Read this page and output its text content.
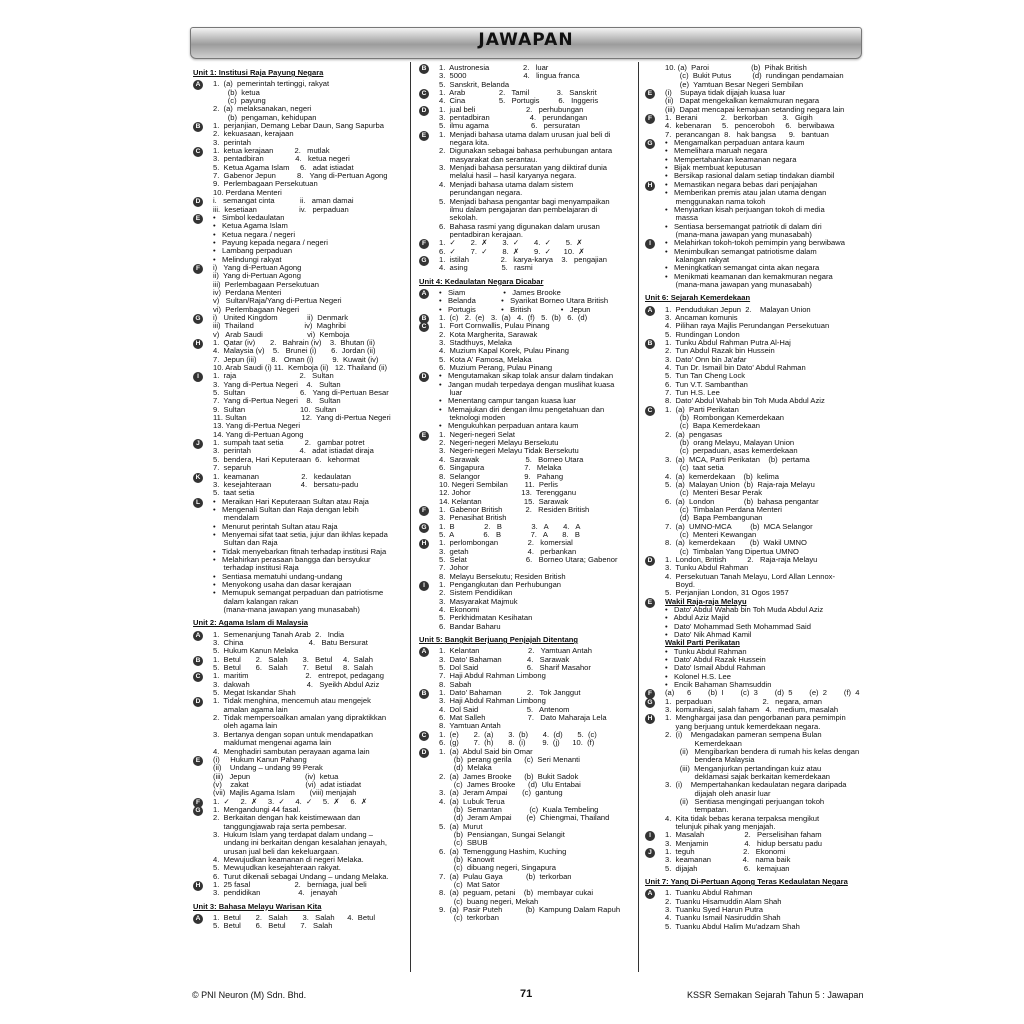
JAWAPAN
Unit 1: Institusi Raja Payung Negara
A	1.  (a)  pemerintah tertinggi, rakyat
(b)  ketua
(c)  payung
2.  (a)  melaksanakan, negeri
(b)  pengaman, kehidupan
B	1.  perjanjian, Demang Lebar Daun, Sang Sapurba
2.  kekuasaan, kerajaan
3.  perintah
C	1.  ketua kerajaan          2.   mutlak
3.  pentadbiran               4.   ketua negeri
5.  Ketua Agama Islam     6.   adat istiadat
7.  Gabenor Jepun          8.   Yang di-Pertuan Agong
9.  Perlembagaan Persekutuan
10. Perdana Menteri
D	i.   semangat cinta            ii.   aman damai
iii.  kesetiaan                    iv.   perpaduan
E	•   Simbol kedaulatan
•   Ketua Agama Islam
•   Ketua negara / negeri
•   Payung kepada negara / negeri
•   Lambang perpaduan
•   Melindungi rakyat
F	i)   Yang di-Pertuan Agong
ii)  Yang di-Pertuan Agong
iii)  Perlembagaan Persekutuan
iv)  Perdana Menteri
v)   Sultan/Raja/Yang di-Pertua Negeri
vi)  Perlembagaan Negeri
G	i)   United Kingdom              ii)  Denmark
iii)  Thailand                        iv)  Maghribi
v)   Arab Saudi                     vi)  Kemboja
H	1.  Qatar (iv)       2.   Bahrain (iv)    3.  Bhutan (ii)
4.  Malaysia (v)    5.   Brunei (i)       6.  Jordan (ii)
7.  Jepun (iii)       8.   Oman (i)         9.  Kuwait (iv)
10. Arab Saudi (i) 11.  Kemboja (ii)   12. Thailand (ii)
I	1.  raja                              2.   Sultan
3.  Yang di-Pertua Negeri    4.   Sultan
5.  Sultan                          6.   Yang di-Pertuan Besar
7.  Yang di-Pertua Negeri    8.   Sultan
9.  Sultan                          10.  Sultan
11. Sultan                          12.  Yang di-Pertua Negeri
13. Yang di-Pertua Negeri
14. Yang di-Pertuan Agong
J	1.  sumpah taat setia          2.   gambar potret
3.  perintah                       4.   adat istiadat diraja
5.  bendera, Hari Keputeraan  6.   kehormat
7.  separuh
K	1.  keamanan                    2.   kedaulatan
3.  kesejahteraan              4.   bersatu-padu
5.  taat setia
L	•   Meraikan Hari Keputeraan Sultan atau Raja
•   Mengenali Sultan dan Raja dengan lebih
mendalam
•   Menurut perintah Sultan atau Raja
•   Menyemai sifat taat setia, jujur dan ikhlas kepada
Sultan dan Raja
•   Tidak menyebarkan fitnah terhadap institusi Raja
•   Melahirkan perasaan bangga dan bersyukur
terhadap institusi Raja
•   Sentiasa mematuhi undang-undang
•   Menyokong usaha dan dasar kerajaan
•   Memupuk semangat perpaduan dan patriotisme
dalam kalangan rakan
(mana-mana jawapan yang munasabah)
Unit 2: Agama Islam di Malaysia
A	1.  Semenanjung Tanah Arab  2.   India
3.  China                               4.   Batu Bersurat
5.  Hukum Kanun Melaka
B	1.  Betul       2.   Salah       3.   Betul     4.  Salah
5.  Betul       6.   Salah       7.   Betul     8.  Salah
C	1.  maritim                           2.   entrepot, pedagang
3.  dakwah                           4.   Syeikh Abdul Aziz
5.  Megat Iskandar Shah
D	1.  Tidak menghina, mencemuh atau mengejek
amalan agama lain
2.  Tidak mempersoalkan amalan yang dipraktikkan
oleh agama lain
3.  Bertanya dengan sopan untuk mendapatkan
maklumat mengenai agama lain
4.  Menghadiri sambutan perayaan agama lain
E	(i)     Hukum Kanun Pahang
(ii)    Undang – undang 99 Perak
(iii)   Jepun                          (iv)  ketua
(v)    zakat                           (vi)  adat istiadat
(vii)  Majlis Agama Islam       (viii) menjajah
F	1.  ✓     2.  ✗     3.  ✓     4.  ✓     5.  ✗     6.  ✗
G	1.  Mengandungi 44 fasal.
2.  Berkaitan dengan hak keistimewaan dan
tanggungjawab raja serta pembesar.
3.  Hukum Islam yang terdapat dalam undang –
undang ini berkaitan dengan kesalahan jenayah,
urusan jual beli dan kekeluargaan.
4.  Mewujudkan keamanan di negeri Melaka.
5.  Mewujudkan kesejahteraan rakyat.
6.  Turut dikenali sebagai Undang – undang Melaka.
H	1.  25 fasal                     2.   berniaga, jual beli
3.  pendidikan                  4.   jenayah
Unit 3: Bahasa Melayu Warisan Kita
A	1.  Betul       2.   Salah       3.   Salah      4.  Betul
5.  Betul       6.   Betul       7.   Salah
B	1.  Austronesia                2.   luar
3.  5000                           4.   lingua franca
5.  Sanskrit, Belanda
C	1.  Arab                2.   Tamil             3.   Sanskrit
4.  Cina                5.   Portugis         6.   Inggeris
D	1.  jual beli                        2.   perhubungan
3.  pentadbiran                   4.   perundangan
5.  ilmu agama                    6.   persuratan
E	1.  Menjadi bahasa utama dalam urusan jual beli di
negara kita.
2.  Digunakan sebagai bahasa perhubungan antara
masyarakat dan serantau.
3.  Menjadi bahasa persuratan yang diiktiraf dunia
melalui hasil – hasil karyanya negara.
4.  Menjadi bahasa utama dalam sistem
perundangan negara.
5.  Menjadi bahasa pengantar bagi menyampaikan
ilmu dalam pengajaran dan pembelajaran di
sekolah.
6.  Bahasa rasmi yang digunakan dalam urusan
pentadbiran kerajaan.
F	1.  ✓       2.  ✗       3.  ✓       4.  ✓       5.  ✗
6.  ✓       7.  ✓       8.  ✗       9.  ✓      10.  ✗
G	1.  istilah               2.   karya-karya    3.   pengajian
4.  asing                5.   rasmi
Unit 4: Kedaulatan Negara Dicabar
A	•   Siam                  •   James Brooke
•   Belanda            •   Syarikat Borneo Utara British
•   Portugis            •   British              •   Jepun
B	1.  (c)   2.  (e)   3.  (a)   4.  (f)   5.  (b)   6.  (d)
C	1.  Fort Cornwallis, Pulau Pinang
2.  Kota Margherita, Sarawak
3.  Stadthuys, Melaka
4.  Muzium Kapal Korek, Pulau Pinang
5.  Kota A' Famosa, Melaka
6.  Muzium Perang, Pulau Pinang
D	•   Mengutamakan sikap tolak ansur dalam tindakan
•   Jangan mudah terpedaya dengan muslihat kuasa
luar
•   Menentang campur tangan kuasa luar
•   Memajukan diri dengan ilmu pengetahuan dan
teknologi moden
•   Mengukuhkan perpaduan antara kaum
E	1.  Negeri-negeri Selat
2.  Negeri-negeri Melayu Bersekutu
3.  Negeri-negeri Melayu Tidak Bersekutu
4.  Sarawak                      5.   Borneo Utara
6.  Singapura                   7.   Melaka
8.  Selangor                     9.   Pahang
10. Negeri Sembilan        11.  Perlis
12. Johor                        13.  Terengganu
14. Kelantan                    15.  Sarawak
F	1.  Gabenor British           2.   Residen British
3.  Penasihat British
G	1.  B              2.   B              3.   A       4.   A
5.  A              6.   B              7.   A       8.   B
H	1.  perlombongan              2.   komersial
3.  getah                            4.   perbankan
5.  Selat                            6.   Borneo Utara; Gabenor
7.  Johor
8.  Melayu Bersekutu; Residen British
I	1.  Pengangkutan dan Perhubungan
2.  Sistem Pendidikan
3.  Masyarakat Majmuk
4.  Ekonomi
5.  Perkhidmatan Kesihatan
6.  Bandar Baharu
Unit 5: Bangkit Berjuang Penjajah Ditentang
A	1.  Kelantan                       2.   Yamtuan Antah
3.  Dato' Bahaman            4.   Sarawak
5.  Dol Said                       6.   Sharif Masahor
7.  Haji Abdul Rahman Limbong
8.  Sabah
B	1.  Dato' Bahaman            2.   Tok Janggut
3.  Haji Abdul Rahman Limbong
4.  Dol Said                       5.   Antenom
6.  Mat Salleh                    7.   Dato Maharaja Lela
8.  Yamtuan Antah
C	1.  (e)       2.  (a)       3.  (b)       4.  (d)       5.  (c)
6.  (g)       7.  (h)       8.  (i)        9.  (j)      10.  (f)
D	1.  (a)  Abdul Said bin Omar
(b)  perang gerila      (c)  Seri Menanti
(d)  Melaka
2.  (a)  James Brooke      (b)  Bukit Sadok
(c)  James Brooke      (d)  Ulu Entabai
3.  (a)  Jeram Ampai       (c)  gantung
4.  (a)  Lubuk Terua
(b)  Semantan             (c)  Kuala Tembeling
(d)  Jeram Ampai       (e)  Chiengmai, Thailand
5.  (a)  Murut
(b)  Pensiangan, Sungai Selangit
(c)  SBUB
6.  (a)  Temenggung Hashim, Kuching
(b)  Kanowit
(c)  dibuang negeri, Singapura
7.  (a)  Pulau Gaya           (b)  terkorban
(c)  Mat Sator
8.  (a)  peguam, petani    (b)  membayar cukai
(c)  buang negeri, Mekah
9.  (a)  Pasir Puteh           (b)  Kampung Dalam Rapuh
(c)  terkorban
10. (a)  Paroi                    (b)  Pihak British
(c)  Bukit Putus          (d)  rundingan pendamaian
(e)  Yamtuan Besar Negeri Sembilan
E	(i)    Supaya tidak dijajah kuasa luar
(ii)   Dapat mengekalkan kemakmuran negara
(iii)  Dapat mencapai kemajuan setanding negara lain
F	1.  Berani           2.   berkorban       3.   Gigih
4.  kebenaran     5.   penceroboh     6.   berwibawa
7.  perancangan  8.   hak bangsa      9.   bantuan
G	•   Mengamalkan perpaduan antara kaum
•   Memelihara maruah negara
•   Mempertahankan keamanan negara
•   Bijak membuat keputusan
•   Bersikap rasional dalam setiap tindakan diambil
H	•   Memastikan negara bebas dari penjajahan
•   Memberikan premis atau jalan utama dengan
menggunakan nama tokoh
•   Menyiarkan kisah perjuangan tokoh di media
massa
•   Sentiasa bersemangat patriotik di dalam diri
(mana-mana jawapan yang munasabah)
I	•   Melahirkan tokoh-tokoh pemimpin yang berwibawa
•   Menimbulkan semangat patriotisme dalam
kalangan rakyat
•   Meningkatkan semangat cinta akan negara
•   Menikmati keamanan dan kemakmuran negara
(mana-mana jawapan yang munasabah)
Unit 6: Sejarah Kemerdekaan
A	1.  Pendudukan Jepun  2.    Malayan Union
3.  Ancaman komunis
4.  Pilihan raya Majlis Perundangan Persekutuan
5.  Rundingan London
B	1.  Tunku Abdul Rahman Putra Al-Haj
2.  Tun Abdul Razak bin Hussein
3.  Dato' Onn bin Ja'afar
4.  Tun Dr. Ismail bin Dato' Abdul Rahman
5.  Tun Tan Cheng Lock
6.  Tun V.T. Sambanthan
7.  Tun H.S. Lee
8.  Dato' Abdul Wahab bin Toh Muda Abdul Aziz
C	1.  (a)  Parti Perikatan
(b)  Rombongan Kemerdekaan
(c)  Bapa Kemerdekaan
2.  (a)  pengasas
(b)  orang Melayu, Malayan Union
(c)  perpaduan, asas kemerdekaan
3.  (a)  MCA, Parti Perikatan    (b)  pertama
(c)  taat setia
4.  (a)  kemerdekaan    (b)  kelima
5.  (a)  Malayan Union  (b)  Raja-raja Melayu
(c)  Menteri Besar Perak
6.  (a)  London              (b)  bahasa pengantar
(c)  Timbalan Perdana Menteri
(d)  Bapa Pembangunan
7.  (a)  UMNO-MCA         (b)  MCA Selangor
(c)  Menteri Kewangan
8.  (a)  kemerdekaan       (b)  Wakil UMNO
(c)  Timbalan Yang Dipertua UMNO
D	1.  London, British          2.   Raja-raja Melayu
3.  Tunku Abdul Rahman
4.  Persekutuan Tanah Melayu, Lord Allan Lennox-
Boyd.
5.  Perjanjian London, 31 Ogos 1957
E	Wakil Raja-raja Melayu
•   Dato' Abdul Wahab bin Toh Muda Abdul Aziz
•   Abdul Aziz Majid
•   Dato' Mohammad Seth Mohammad Said
•   Dato' Nik Ahmad Kamil
Wakil Parti Perikatan
•   Tunku Abdul Rahman
•   Dato' Abdul Razak Hussein
•   Dato' Ismail Abdul Rahman
•   Kolonel H.S. Lee
•   Encik Bahaman Shamsuddin
F	(a)      6        (b)  I        (c)  3        (d)  5        (e)  2        (f)  4
G	1.  perpaduan                        2.   negara, aman
3.  komunikasi, salah faham   4.   medium, masalah
H	1.  Menghargai jasa dan pengorbanan para pemimpin
yang berjuang untuk kemerdekaan negara.
2.  (i)    Mengadakan pameran sempena Bulan
Kemerdekaan
(ii)   Mengibarkan bendera di rumah his kelas dengan
bendera Malaysia
(iii)  Menganjurkan pertandingan kuiz atau
deklamasi sajak berkaitan kemerdekaan
3.  (i)    Mempertahankan kedaulatan negara daripada
dijajah oleh anasir luar
(ii)   Sentiasa mengingati perjuangan tokoh
tempatan.
4.  Kita tidak bebas kerana terpaksa mengikut
telunjuk pihak yang menjajah.
I	1.  Masalah                   2.   Perselisihan faham
3.  Menjamin                 4.   hidup bersatu padu
J	1.  teguh                       2.   Ekonomi
3.  keamanan               4.   nama baik
5.  dijajah                      6.   kemajuan
Unit 7: Yang Di-Pertuan Agong Teras Kedaulatan Negara
A	1.  Tuanku Abdul Rahman
2.  Tuanku Hisamuddin Alam Shah
3.  Tuanku Syed Harun Putra
4.  Tuanku Ismail Nasiruddin Shah
5.  Tuanku Abdul Halim Mu'adzam Shah
© PNI Neuron (M) Sdn. Bhd.	71	KSSR Semakan Sejarah Tahun 5 : Jawapan
